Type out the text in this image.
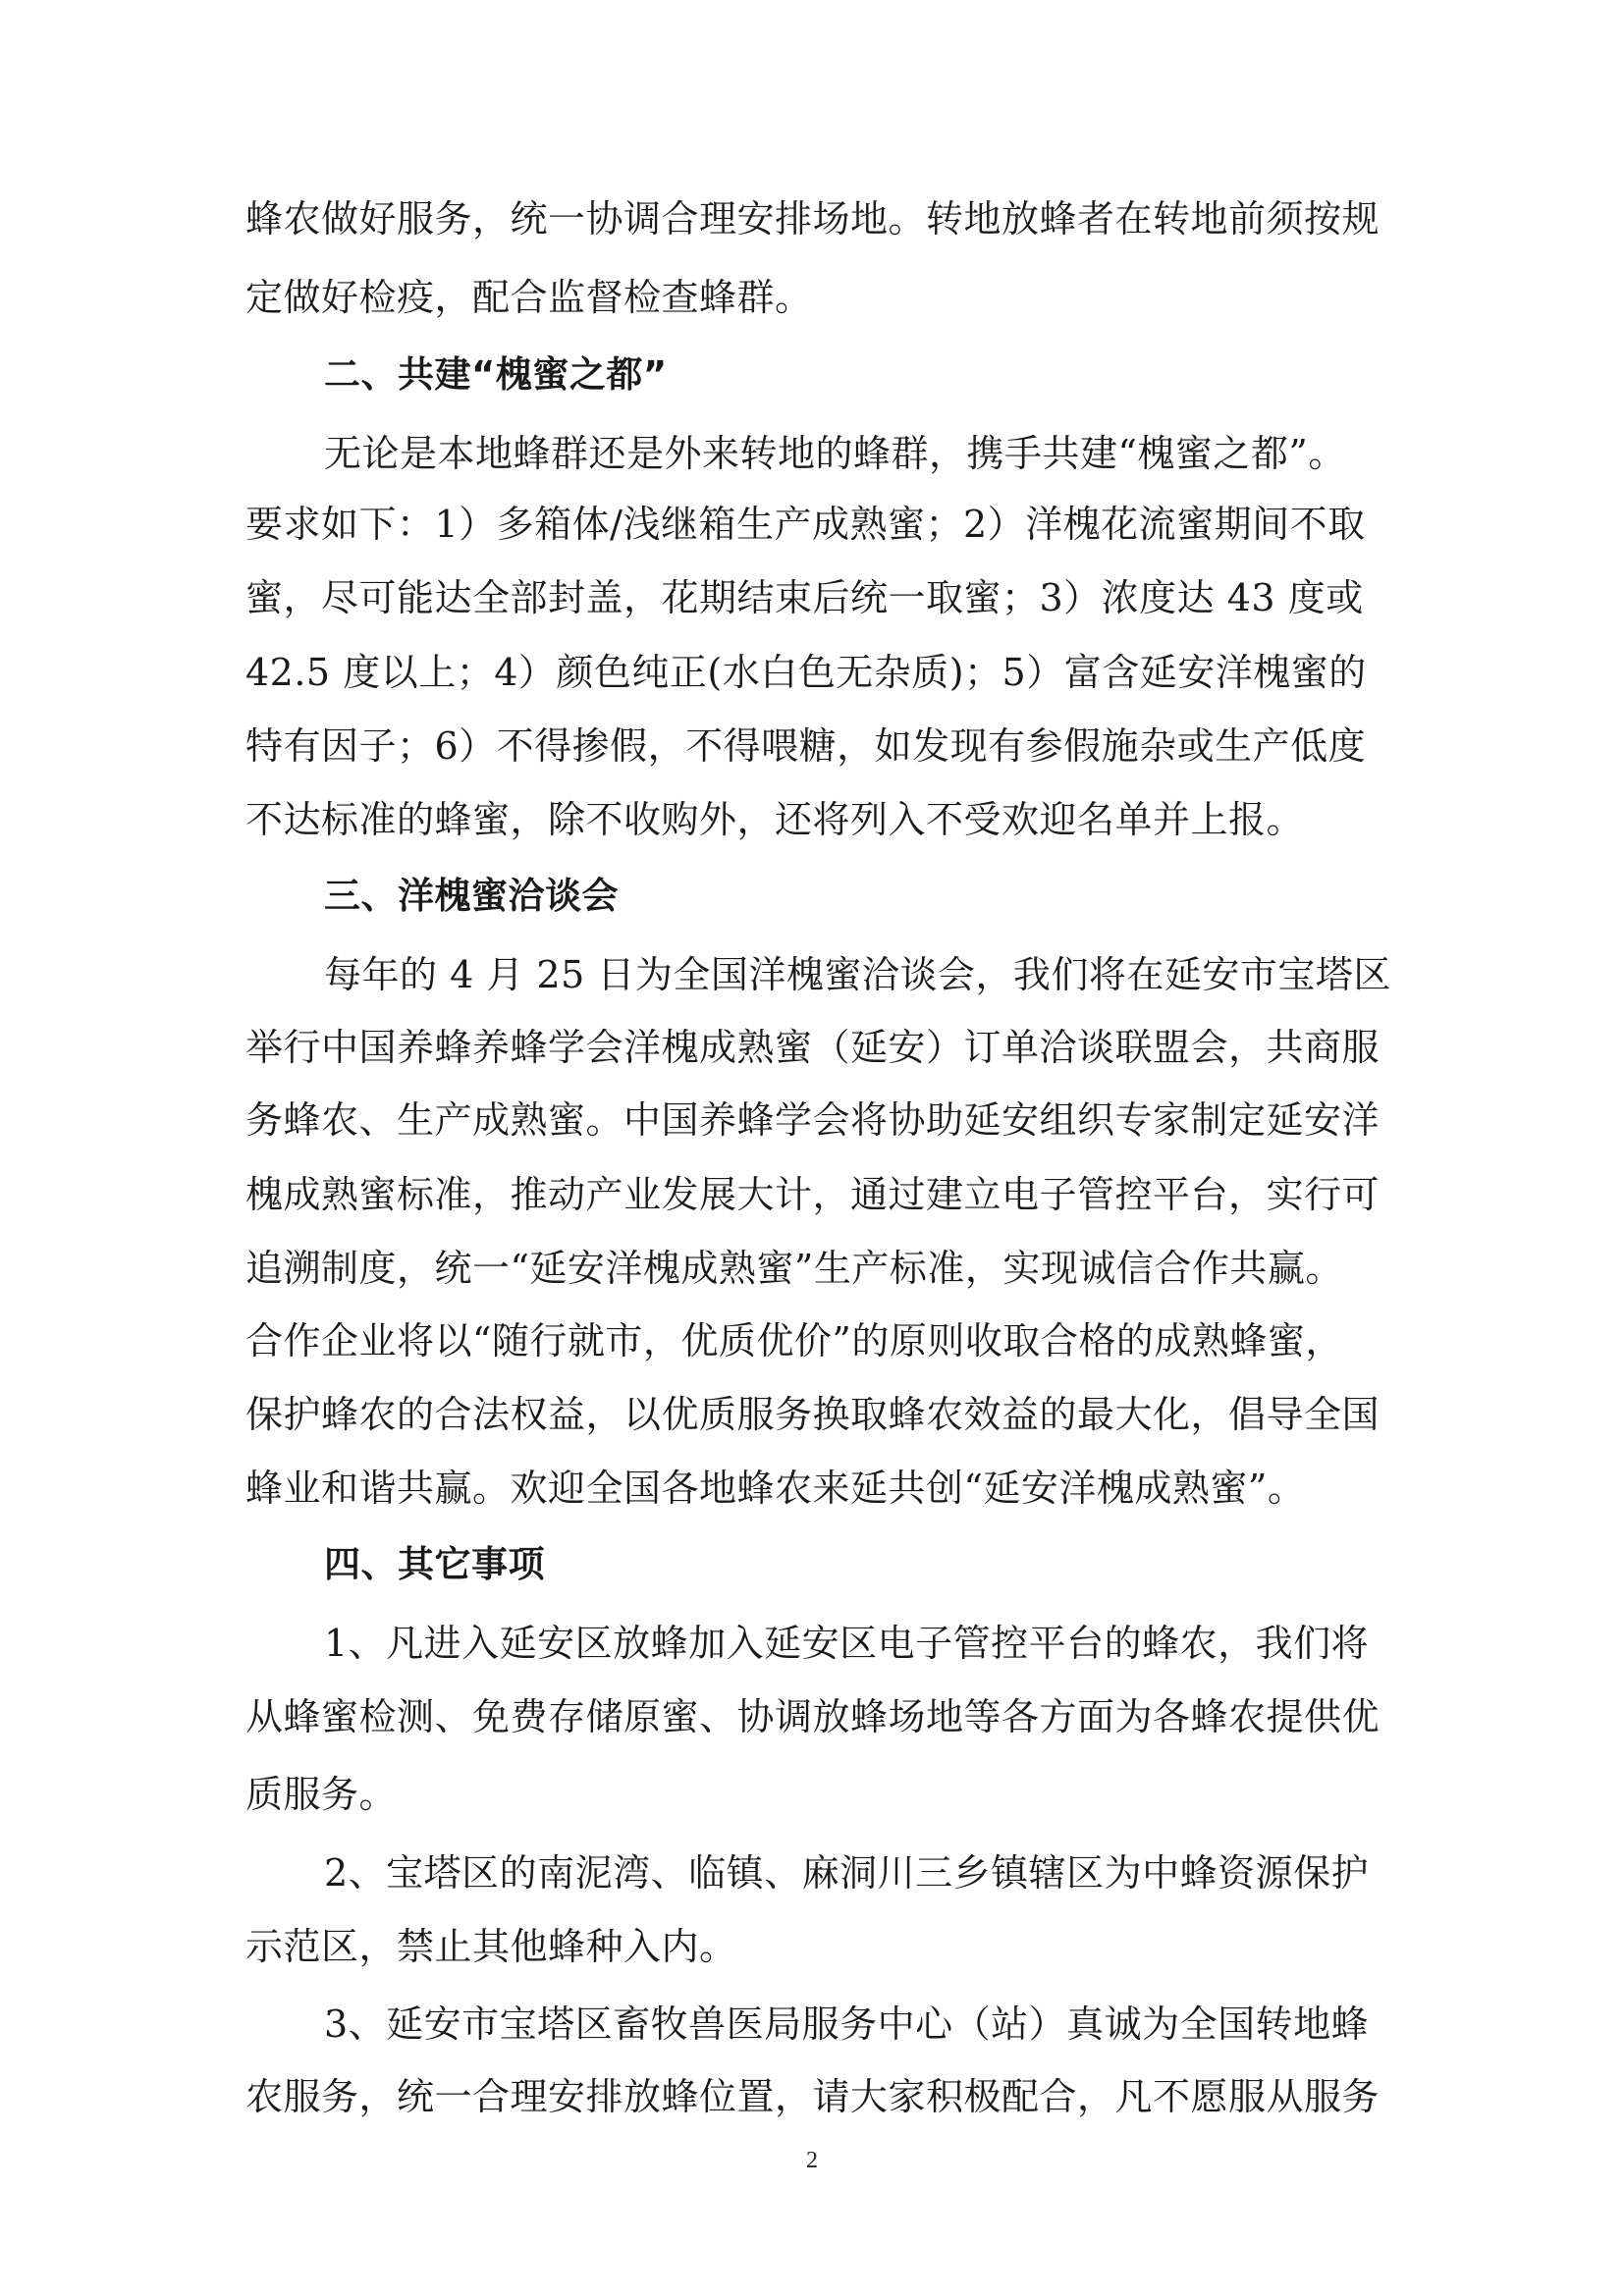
蜂农做好服务，统一协调合理安排场地。转地放蜂者在转地前须按规
定做好检疫，配合监督检查蜂群。
二、共建“槐蜜之都”
无论是本地蜂群还是外来转地的蜂群，携手共建“槐蜜之都”。
要求如下：1）多箱体/浅继箱生产成熟蜜；2）洋槐花流蜜期间不取
蜜，尽可能达全部封盖，花期结束后统一取蜜；3）浓度达 43 度或
42.5 度以上；4）颜色纯正(水白色无杂质)；5）富含延安洋槐蜜的
特有因子；6）不得掺假，不得喂糖，如发现有参假施杂或生产低度
不达标准的蜂蜜，除不收购外，还将列入不受欢迎名单并上报。
三、洋槐蜜洽谈会
每年的 4 月 25 日为全国洋槐蜜洽谈会，我们将在延安市宝塔区
举行中国养蜂养蜂学会洋槐成熟蜜（延安）订单洽谈联盟会，共商服
务蜂农、生产成熟蜜。中国养蜂学会将协助延安组织专家制定延安洋
槐成熟蜜标准，推动产业发展大计，通过建立电子管控平台，实行可
追溯制度，统一“延安洋槐成熟蜜”生产标准，实现诚信合作共赢。
合作企业将以“随行就市，优质优价”的原则收取合格的成熟蜂蜜，
保护蜂农的合法权益，以优质服务换取蜂农效益的最大化，倡导全国
蜂业和谐共赢。欢迎全国各地蜂农来延共创“延安洋槐成熟蜜”。
四、其它事项
1、凡进入延安区放蜂加入延安区电子管控平台的蜂农，我们将
从蜂蜜检测、免费存储原蜜、协调放蜂场地等各方面为各蜂农提供优
质服务。
2、宝塔区的南泥湾、临镇、麻洞川三乡镇辖区为中蜂资源保护
示范区，禁止其他蜂种入内。
3、延安市宝塔区畜牧兽医局服务中心（站）真诚为全国转地蜂
农服务，统一合理安排放蜂位置，请大家积极配合，凡不愿服从服务
2
